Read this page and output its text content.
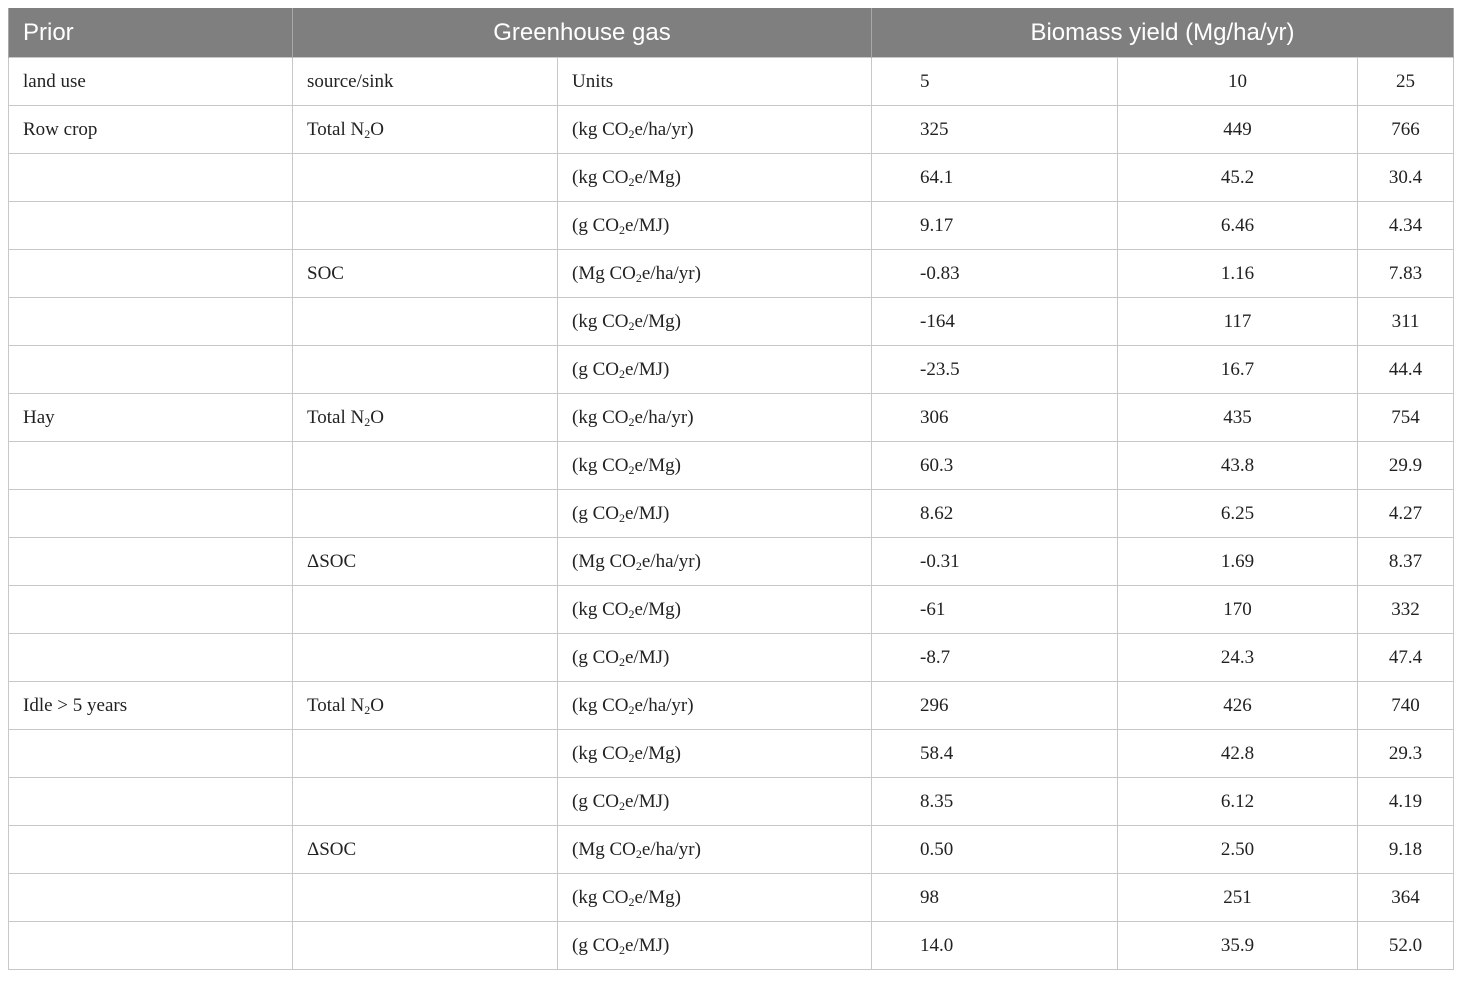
Prior	Greenhouse gas		Biomass yield (Mg/ha/yr)		
land use	source/sink	Units	5	10	25
Row crop	Total $N_2O$	(kg $CO_2e/ha/yr$)	325	449	766
		(kg $CO_2e/Mg$)	64.1	45.2	30.4
		(g $CO_2e/MJ$)	9.17	6.46	4.34
	SOC	(Mg $CO_2e/ha/yr$)	-0.83	1.16	7.83
		(kg $CO_2e/Mg$)	-164	117	311
		(g $CO_2e/MJ$)	-23.5	16.7	44.4
Hay	Total $N_2O$	(kg $CO_2e/ha/yr$)	306	435	754
		(kg $CO_2e/Mg$)	60.3	43.8	29.9
		(g $CO_2e/MJ$)	8.62	6.25	4.27
	ΔSOC	(Mg $CO_2e/ha/yr$)	-0.31	1.69	8.37
		(kg $CO_2e/Mg$)	-61	170	332
		(g $CO_2e/MJ$)	-8.7	24.3	47.4
Idle > 5 years	Total $N_2O$	(kg $CO_2e/ha/yr$)	296	426	740
		(kg $CO_2e/Mg$)	58.4	42.8	29.3
		(g $CO_2e/MJ$)	8.35	6.12	4.19
	ΔSOC	(Mg $CO_2e/ha/yr$)	0.50	2.50	9.18
		(kg $CO_2e/Mg$)	98	251	364
		(g $CO_2e/MJ$)	14.0	35.9	52.0
